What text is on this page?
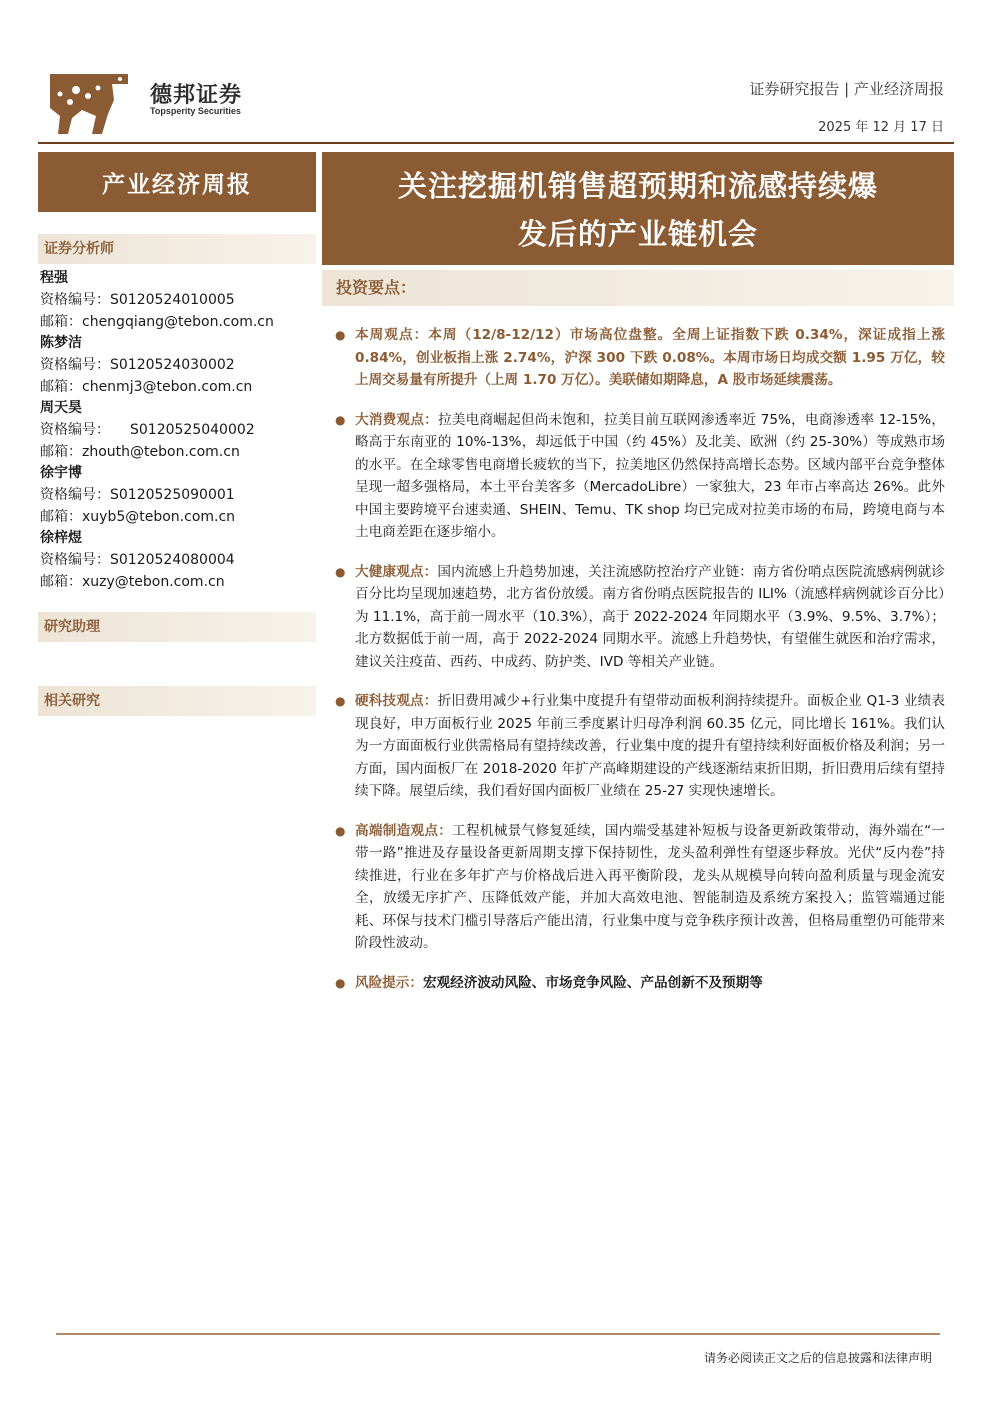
德邦证券
Topsperity Securities
证券研究报告 | 产业经济周报
2025 年 12 月 17 日
产业经济周报	关注挖掘机销售超预期和流感持续爆
发后的产业链机会
证券分析师
程强
资格编号：S0120524010005
邮箱：chengqiang@tebon.com.cn
陈梦洁
资格编号：S0120524030002
邮箱：chenmj3@tebon.com.cn
周天昊
资格编号： S0120525040002
邮箱：zhouth@tebon.com.cn
徐宇博
资格编号：S0120525090001
邮箱：xuyb5@tebon.com.cn
徐梓煜
资格编号：S0120524080004
邮箱：xuzy@tebon.com.cn
研究助理
相关研究
投资要点：
● 本周观点：本周（12/8-12/12）市场高位盘整。全周上证指数下跌 0.34%，深证成指上涨 0.84%，创业板指上涨 2.74%，沪深 300 下跌 0.08%。本周市场日均成交额 1.95 万亿，较上周交易量有所提升（上周 1.70 万亿）。美联储如期降息，A 股市场延续震荡。
● 大消费观点：拉美电商崛起但尚未饱和，拉美目前互联网渗透率近 75%，电商渗透率 12-15%，略高于东南亚的 10%-13%，却远低于中国（约 45%）及北美、欧洲（约 25-30%）等成熟市场的水平。在全球零售电商增长疲软的当下，拉美地区仍然保持高增长态势。区域内部平台竞争整体呈现一超多强格局，本土平台美客多（MercadoLibre）一家独大，23 年市占率高达 26%。此外中国主要跨境平台速卖通、SHEIN、Temu、TK shop 均已完成对拉美市场的布局，跨境电商与本土电商差距在逐步缩小。
● 大健康观点：国内流感上升趋势加速，关注流感防控治疗产业链：南方省份哨点医院流感病例就诊百分比均呈现加速趋势，北方省份放缓。南方省份哨点医院报告的 ILI%（流感样病例就诊百分比）为 11.1%，高于前一周水平（10.3%），高于 2022-2024 年同期水平（3.9%、9.5%、3.7%）；北方数据低于前一周，高于 2022-2024 同期水平。流感上升趋势快，有望催生就医和治疗需求，建议关注疫苗、西药、中成药、防护类、IVD 等相关产业链。
● 硬科技观点：折旧费用减少+行业集中度提升有望带动面板利润持续提升。面板企业 Q1-3 业绩表现良好，申万面板行业 2025 年前三季度累计归母净利润 60.35 亿元，同比增长 161%。我们认为一方面面板行业供需格局有望持续改善，行业集中度的提升有望持续利好面板价格及利润；另一方面，国内面板厂在 2018-2020 年扩产高峰期建设的产线逐渐结束折旧期，折旧费用后续有望持续下降。展望后续，我们看好国内面板厂业绩在 25-27 实现快速增长。
● 高端制造观点：工程机械景气修复延续，国内端受基建补短板与设备更新政策带动，海外端在“一带一路”推进及存量设备更新周期支撑下保持韧性，龙头盈利弹性有望逐步释放。光伏“反内卷”持续推进，行业在多年扩产与价格战后进入再平衡阶段，龙头从规模导向转向盈利质量与现金流安全，放缓无序扩产、压降低效产能，并加大高效电池、智能制造及系统方案投入；监管端通过能耗、环保与技术门槛引导落后产能出清，行业集中度与竞争秩序预计改善，但格局重塑仍可能带来阶段性波动。
● 风险提示：宏观经济波动风险、市场竞争风险、产品创新不及预期等
请务必阅读正文之后的信息披露和法律声明
